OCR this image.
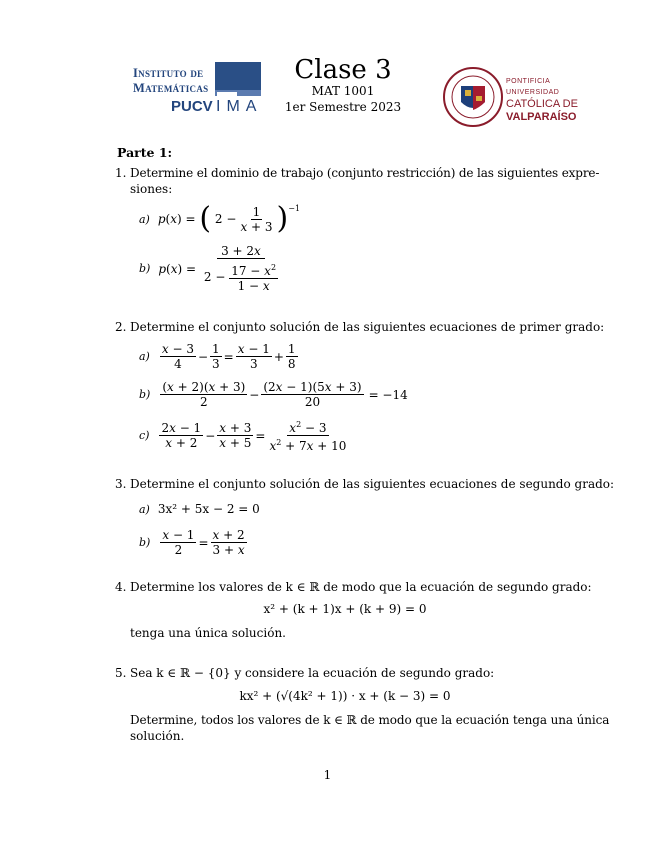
Instituto de
Matemáticas
PUCV IMA
Clase 3
MAT 1001
1er Semestre 2023
PONTIFICIA
UNIVERSIDAD
CATÓLICA DE
VALPARAÍSO
Parte 1:
1. Determine el dominio de trabajo (conjunto restricción) de las siguientes expre-
siones:
a) p ( x ) = ( $2 - \frac{1}{x + 3} )^{-1}$
b) p ( x ) = $\frac{3 + 2x}{2 - \frac{17 - x^2}{1 - x}}$
2. Determine el conjunto solución de las siguientes ecuaciones de primer grado:
$a) \frac{x - 3}{4} - \frac{1}{3} = \frac{x - 1}{3} + \frac{1}{8}$
$b) \frac{(x + 2)(x + 3)}{2} - \frac{(2x - 1)(5x + 3)}{20} = -14$
$c) \frac{2x - 1}{x + 2} - \frac{x + 3}{x + 5} = \frac{x^2 - 3}{x^2 + 7x + 10}$
3. Determine el conjunto solución de las siguientes ecuaciones de segundo grado:
a) 3x² + 5x − 2 = 0
$b) \frac{x - 1}{2} = \frac{x + 2}{3 + x}$
4. Determine los valores de k ∈ ℝ de modo que la ecuación de segundo grado:
x² + (k + 1)x + (k + 9) = 0
tenga una única solución.
5. Sea k ∈ ℝ − {0} y considere la ecuación de segundo grado:
kx² + (√(4k² + 1)) · x + (k − 3) = 0
Determine, todos los valores de k ∈ ℝ de modo que la ecuación tenga una única
solución.
1
